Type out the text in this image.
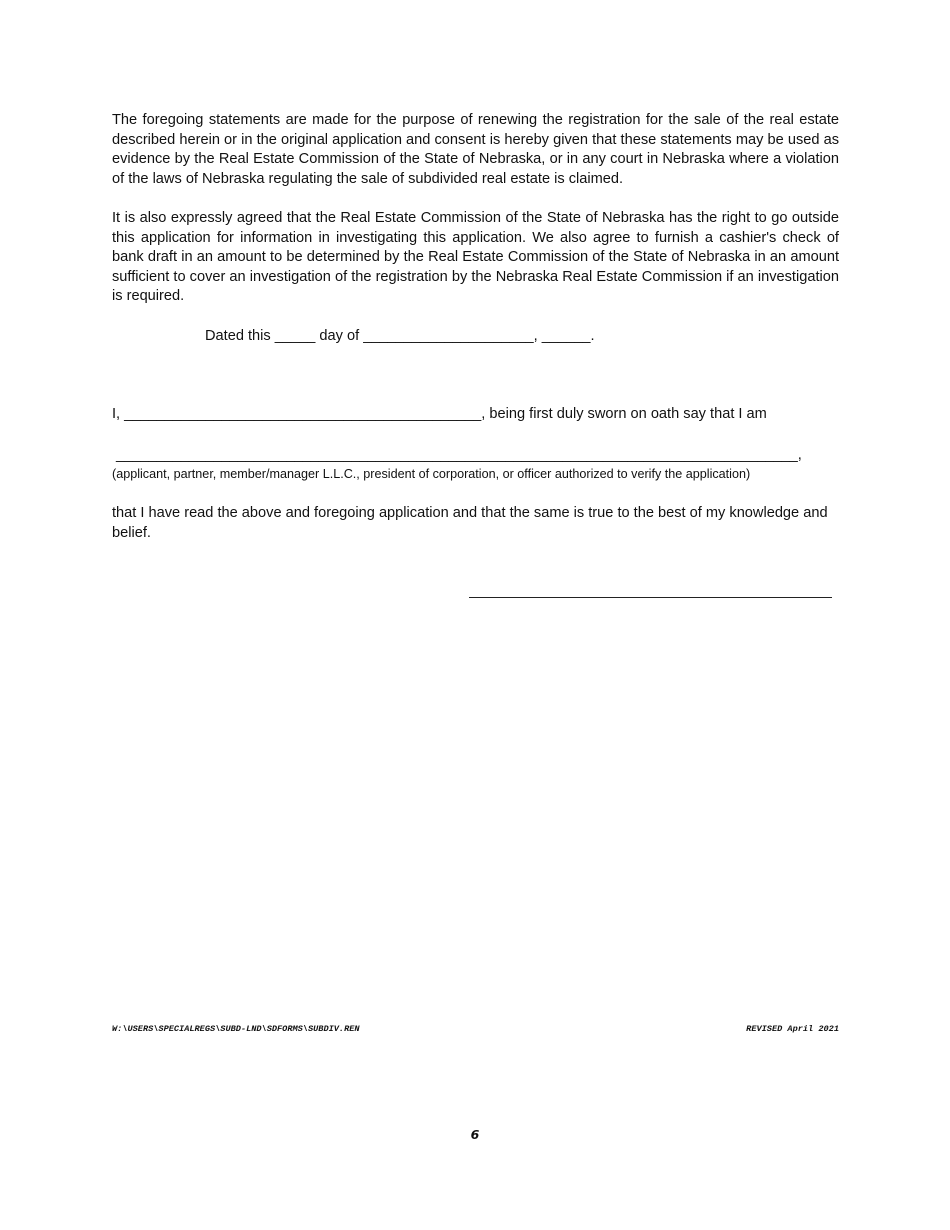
The foregoing statements are made for the purpose of renewing the registration for the sale of the real estate described herein or in the original application and consent is hereby given that these statements may be used as evidence by the Real Estate Commission of the State of Nebraska, or in any court in Nebraska where a violation of the laws of Nebraska regulating the sale of subdivided real estate is claimed.

It is also expressly agreed that the Real Estate Commission of the State of Nebraska has the right to go outside this application for information in investigating this application. We also agree to furnish a cashier's check of bank draft in an amount to be determined by the Real Estate Commission of the State of Nebraska in an amount sufficient to cover an investigation of the registration by the Nebraska Real Estate Commission if an investigation is required.

Dated this _____ day of _____________________, ______.

I, ____________________________________________, being first duly sworn on oath say that I am

____________________________________________________________________________________,

(applicant, partner, member/manager L.L.C., president of corporation, or officer authorized to verify the application)

that I have read the above and foregoing application and that the same is true to the best of my knowledge and belief.

W:\USERS\SPECIALREGS\SUBD-LND\SDFORMS\SUBDIV.REN	REVISED April 2021

6
